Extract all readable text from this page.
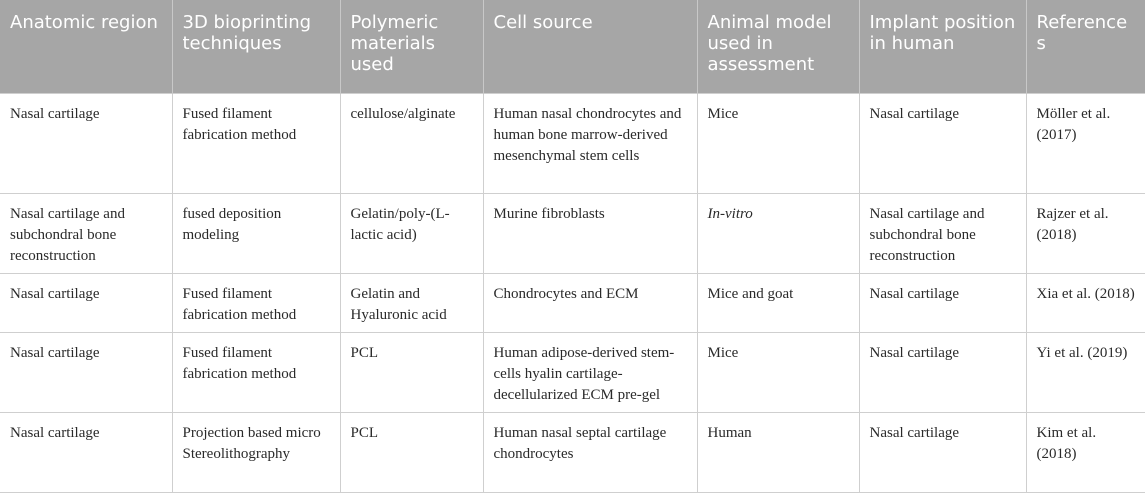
Anatomic region	3D bioprinting techniques	Polymeric materials used	Cell source	Animal model used in assessment	Implant position in human	References
Nasal cartilage	Fused filament fabrication method	cellulose/alginate	Human nasal chondrocytes and human bone marrow-derived mesenchymal stem cells	Mice	Nasal cartilage	Möller et al. (2017)
Nasal cartilage and subchondral bone reconstruction	fused deposition modeling	Gelatin/poly-(L-lactic acid)	Murine fibroblasts	In-vitro	Nasal cartilage and subchondral bone reconstruction	Rajzer et al. (2018)
Nasal cartilage	Fused filament fabrication method	Gelatin and Hyaluronic acid	Chondrocytes and ECM	Mice and goat	Nasal cartilage	Xia et al. (2018)
Nasal cartilage	Fused filament fabrication method	PCL	Human adipose-derived stem-cells hyalin cartilage-decellularized ECM pre-gel	Mice	Nasal cartilage	Yi et al. (2019)
Nasal cartilage	Projection based micro Stereolithography	PCL	Human nasal septal cartilage chondrocytes	Human	Nasal cartilage	Kim et al. (2018)
